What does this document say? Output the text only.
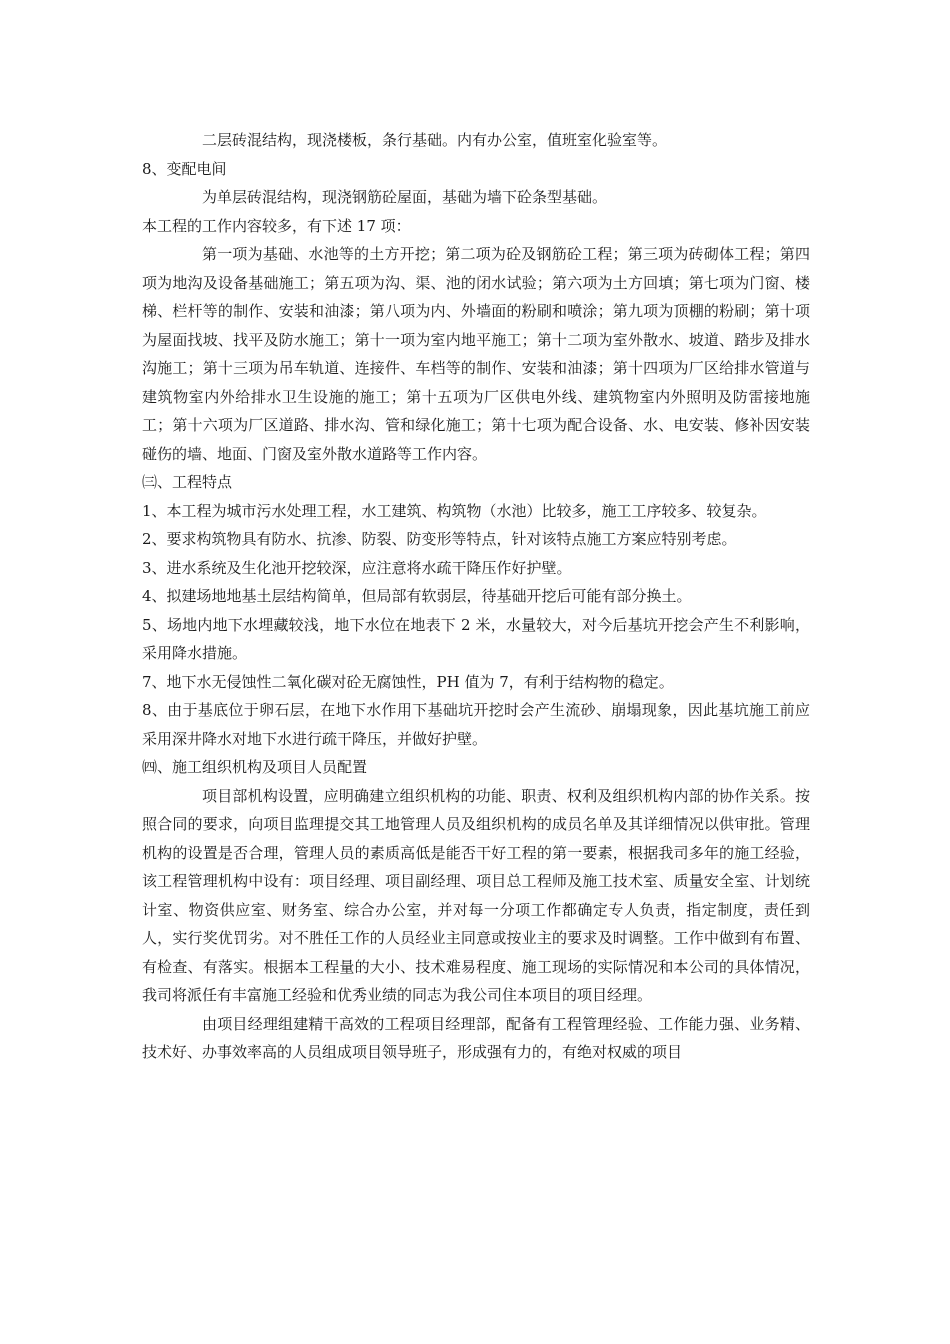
二层砖混结构，现浇楼板，条行基础。内有办公室，值班室化验室等。

8、变配电间

为单层砖混结构，现浇钢筋砼屋面，基础为墙下砼条型基础。

本工程的工作内容较多，有下述 17 项：

第一项为基础、水池等的土方开挖；第二项为砼及钢筋砼工程；第三项为砖砌体工程；第四项为地沟及设备基础施工；第五项为沟、渠、池的闭水试验；第六项为土方回填；第七项为门窗、楼梯、栏杆等的制作、安装和油漆；第八项为内、外墙面的粉刷和喷涂；第九项为顶棚的粉刷；第十项为屋面找坡、找平及防水施工；第十一项为室内地平施工；第十二项为室外散水、坡道、踏步及排水沟施工；第十三项为吊车轨道、连接件、车档等的制作、安装和油漆；第十四项为厂区给排水管道与建筑物室内外给排水卫生设施的施工；第十五项为厂区供电外线、建筑物室内外照明及防雷接地施工；第十六项为厂区道路、排水沟、管和绿化施工；第十七项为配合设备、水、电安装、修补因安装碰伤的墙、地面、门窗及室外散水道路等工作内容。

㈢、工程特点

1、本工程为城市污水处理工程，水工建筑、构筑物（水池）比较多，施工工序较多、较复杂。

2、要求构筑物具有防水、抗渗、防裂、防变形等特点，针对该特点施工方案应特别考虑。

3、进水系统及生化池开挖较深，应注意将水疏干降压作好护壁。

4、拟建场地地基土层结构简单，但局部有软弱层，待基础开挖后可能有部分换土。

5、场地内地下水埋藏较浅，地下水位在地表下 2 米，水量较大，对今后基坑开挖会产生不利影响，采用降水措施。

7、地下水无侵蚀性二氧化碳对砼无腐蚀性，PH 值为 7，有利于结构物的稳定。

8、由于基底位于卵石层，在地下水作用下基础坑开挖时会产生流砂、崩塌现象，因此基坑施工前应采用深井降水对地下水进行疏干降压，并做好护壁。

㈣、施工组织机构及项目人员配置

项目部机构设置，应明确建立组织机构的功能、职责、权利及组织机构内部的协作关系。按照合同的要求，向项目监理提交其工地管理人员及组织机构的成员名单及其详细情况以供审批。管理机构的设置是否合理，管理人员的素质高低是能否干好工程的第一要素，根据我司多年的施工经验，该工程管理机构中设有：项目经理、项目副经理、项目总工程师及施工技术室、质量安全室、计划统计室、物资供应室、财务室、综合办公室，并对每一分项工作都确定专人负责，指定制度，责任到人，实行奖优罚劣。对不胜任工作的人员经业主同意或按业主的要求及时调整。工作中做到有布置、有检查、有落实。根据本工程量的大小、技术难易程度、施工现场的实际情况和本公司的具体情况，我司将派任有丰富施工经验和优秀业绩的同志为我公司住本项目的项目经理。

由项目经理组建精干高效的工程项目经理部，配备有工程管理经验、工作能力强、业务精、技术好、办事效率高的人员组成项目领导班子，形成强有力的，有绝对权威的项目
